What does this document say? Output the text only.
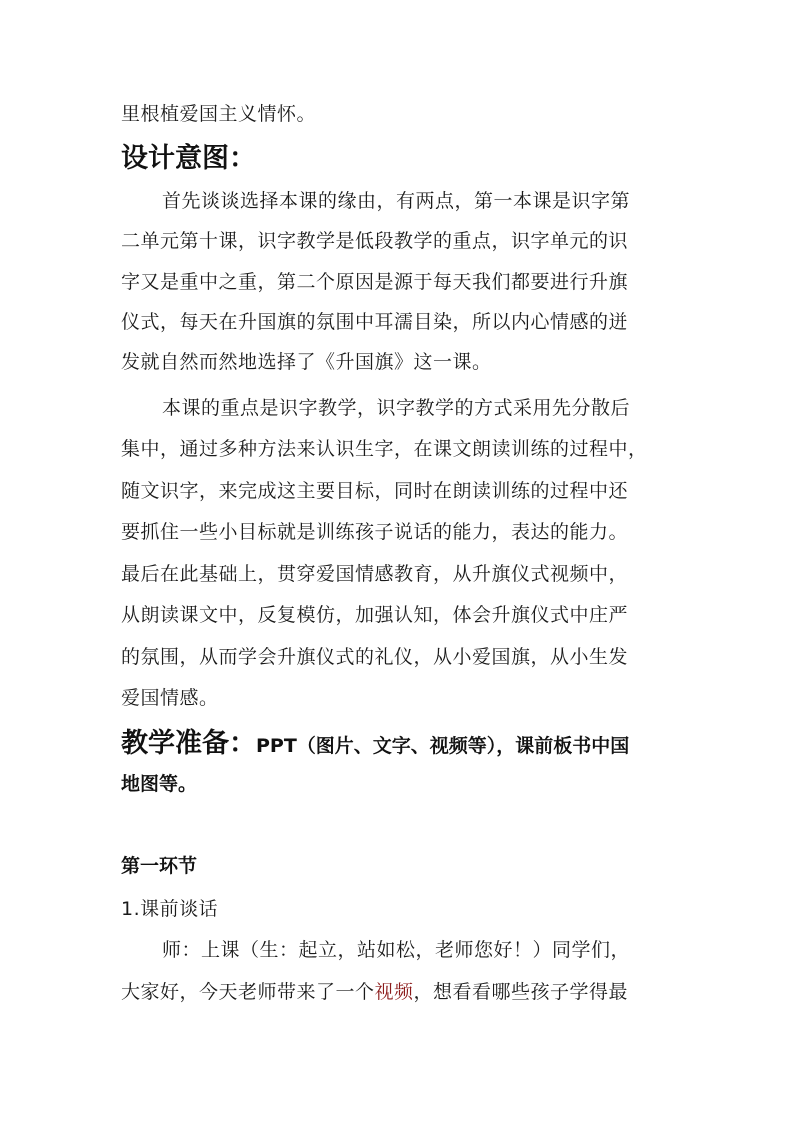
里根植爱国主义情怀。
设计意图：
首先谈谈选择本课的缘由，有两点，第一本课是识字第
二单元第十课，识字教学是低段教学的重点，识字单元的识
字又是重中之重，第二个原因是源于每天我们都要进行升旗
仪式，每天在升国旗的氛围中耳濡目染，所以内心情感的迸
发就自然而然地选择了《升国旗》这一课。
本课的重点是识字教学，识字教学的方式采用先分散后
集中，通过多种方法来认识生字，在课文朗读训练的过程中，
随文识字，来完成这主要目标，同时在朗读训练的过程中还
要抓住一些小目标就是训练孩子说话的能力，表达的能力。
最后在此基础上，贯穿爱国情感教育，从升旗仪式视频中，
从朗读课文中，反复模仿，加强认知，体会升旗仪式中庄严
的氛围，从而学会升旗仪式的礼仪，从小爱国旗，从小生发
爱国情感。
教学准备：PPT（图片、文字、视频等），课前板书中国
地图等。
第一环节
1.课前谈话
师：上课（生：起立，站如松，老师您好！）同学们，
大家好，今天老师带来了一个视频，想看看哪些孩子学得最
